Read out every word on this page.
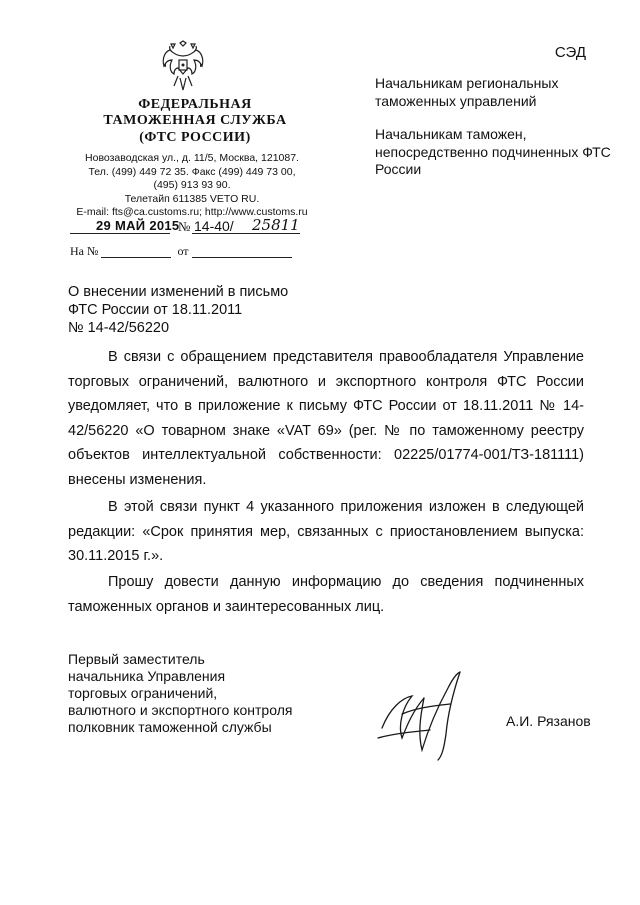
ФЕДЕРАЛЬНАЯ
ТАМОЖЕННАЯ СЛУЖБА
(ФТС РОССИИ)
Новозаводская ул., д. 11/5, Москва, 121087.
Тел. (499) 449 72 35. Факс (499) 449 73 00,
(495) 913 93 90.
Телетайп 611385 VETO RU.
E-mail: fts@ca.customs.ru; http://www.customs.ru
29 МАЙ 2015
№ 14-40/ 25811
На №	от
СЭД
Начальникам региональных таможенных управлений
Начальникам таможен, непосредственно подчиненных ФТС России
О внесении изменений в письмо
ФТС России от 18.11.2011
№ 14-42/56220

В связи с обращением представителя правообладателя Управление торговых ограничений, валютного и экспортного контроля ФТС России уведомляет, что в приложение к письму ФТС России от 18.11.2011 № 14-42/56220 «О товарном знаке «VAT 69» (рег. № по таможенному реестру объектов интеллектуальной собственности: 02225/01774-001/ТЗ-181111) внесены изменения.

В этой связи пункт 4 указанного приложения изложен в следующей редакции: «Срок принятия мер, связанных с приостановлением выпуска: 30.11.2015 г.».

Прошу довести данную информацию до сведения подчиненных таможенных органов и заинтересованных лиц.

Первый заместитель
начальника Управления
торговых ограничений,
валютного и экспортного контроля
полковник таможенной службы	А.И. Рязанов
